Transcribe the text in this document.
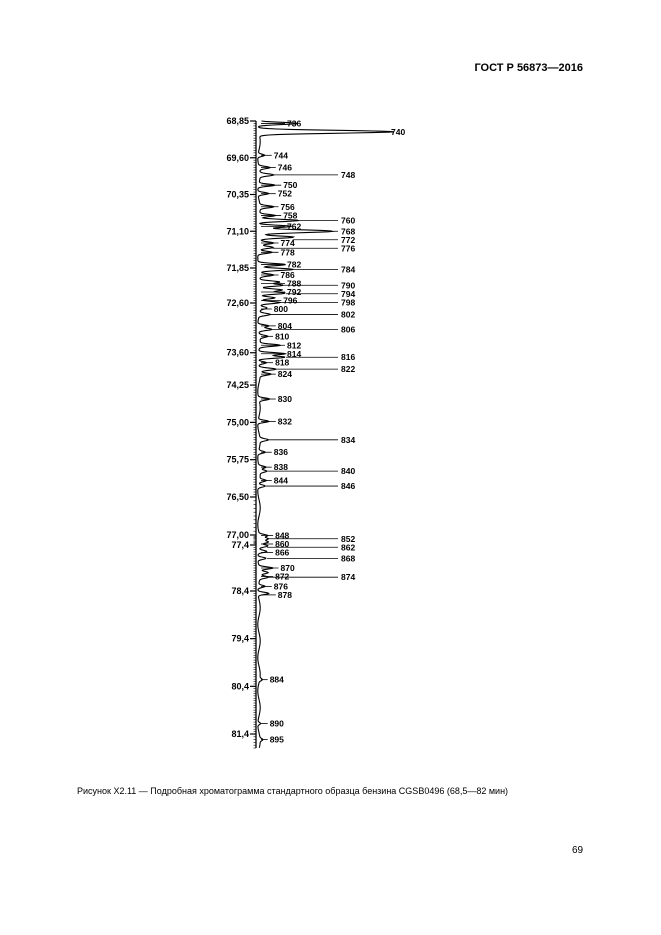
ГОСТ Р 56873—2016
68,85
69,60
70,35
71,10
71,85
72,60
73,60
74,25
75,00
75,75
76,50
77,00
77,4
78,4
79,4
80,4
81,4
736
740
744
746
748
750
752
756
758	760
762	768
772
774
776
778
782	784
786
788	790
792	794
796	798
800
802
804	806
810
812
814	816
818
822
824
830
832
834
836
838	840
844
846
848	852
860	862
866
868
870
872	874
876
878
884
890
895
Рисунок Х2.11 — Подробная хроматограмма стандартного образца бензина CGSB0496 (68,5—82 мин)
69
